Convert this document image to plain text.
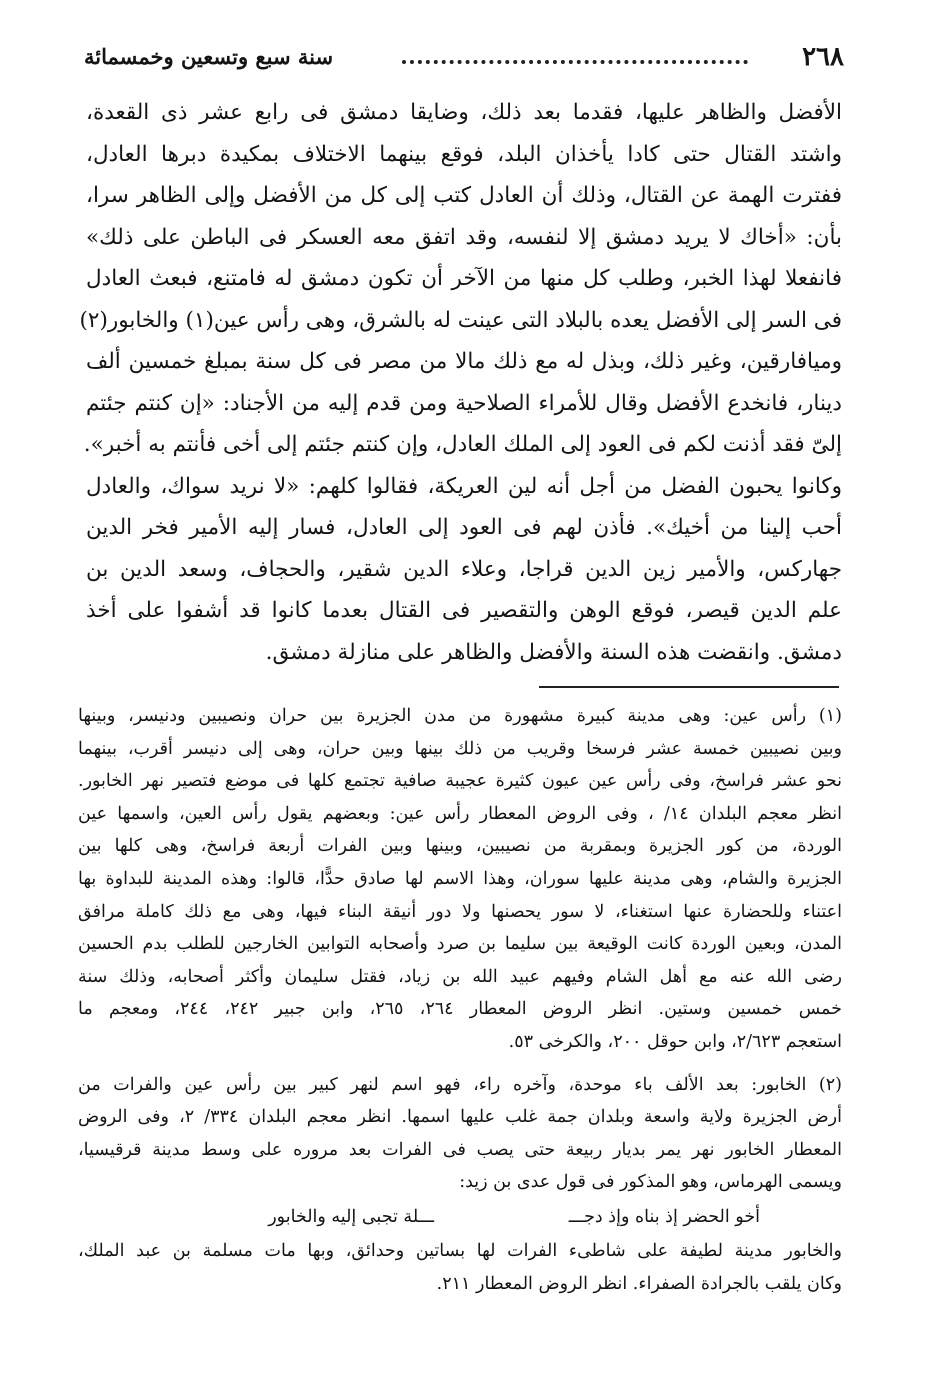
٢٦٨
سنة سبع وتسعين وخمسمائة
الأفضل والظاهر عليها، فقدما بعد ذلك، وضايقا دمشق فى رابع عشر ذى القعدة،
واشتد القتال حتى كادا يأخذان البلد، فوقع بينهما الاختلاف بمكيدة دبرها العادل،
ففترت الهمة عن القتال، وذلك أن العادل كتب إلى كل من الأفضل وإلى الظاهر سرا،
بأن: «أخاك لا يريد دمشق إلا لنفسه، وقد اتفق معه العسكر فى الباطن على ذلك»
فانفعلا لهذا الخبر، وطلب كل منها من الآخر أن تكون دمشق له فامتنع، فبعث العادل
فى السر إلى الأفضل يعده بالبلاد التى عينت له بالشرق، وهى رأس عين(١) والخابور(٢)
وميافارقين، وغير ذلك، وبذل له مع ذلك مالا من مصر فى كل سنة بمبلغ خمسين ألف
دينار، فانخدع الأفضل وقال للأمراء الصلاحية ومن قدم إليه من الأجناد: «إن كنتم جئتم
إلىّ فقد أذنت لكم فى العود إلى الملك العادل، وإن كنتم جئتم إلى أخى فأنتم به أخبر».
وكانوا يحبون الفضل من أجل أنه لين العريكة، فقالوا كلهم: «لا نريد سواك، والعادل
أحب إلينا من أخيك». فأذن لهم فى العود إلى العادل، فسار إليه الأمير فخر الدين
جهاركس، والأمير زين الدين قراجا، وعلاء الدين شقير، والحجاف، وسعد الدين بن
علم الدين قيصر، فوقع الوهن والتقصير فى القتال بعدما كانوا قد أشفوا على أخذ
دمشق. وانقضت هذه السنة والأفضل والظاهر على منازلة دمشق.
(١) رأس عين: وهى مدينة كبيرة مشهورة من مدن الجزيرة بين حران ونصيبين ودنيسر، وبينها
وبين نصيبين خمسة عشر فرسخا وقريب من ذلك بينها وبين حران، وهى إلى دنيسر أقرب، بينهما
نحو عشر فراسخ، وفى رأس عين عيون كثيرة عجيبة صافية تجتمع كلها فى موضع فتصير نهر الخابور.
انظر معجم البلدان ١٤/ ، وفى الروض المعطار رأس عين: وبعضهم يقول رأس العين، واسمها عين
الوردة، من كور الجزيرة وبمقربة من نصيبين، وبينها وبين الفرات أربعة فراسخ، وهى كلها بين
الجزيرة والشام، وهى مدينة عليها سوران، وهذا الاسم لها صادق حدًّا، قالوا: وهذه المدينة للبداوة بها
اعتناء وللحضارة عنها استغناء، لا سور يحصنها ولا دور أنيقة البناء فيها، وهى مع ذلك كاملة مرافق
المدن، وبعين الوردة كانت الوقيعة بين سليما بن صرد وأصحابه التوابين الخارجين للطلب بدم الحسين
رضى الله عنه مع أهل الشام وفيهم عبيد الله بن زياد، فقتل سليمان وأكثر أصحابه، وذلك سنة
خمس خمسين وستين. انظر الروض المعطار ٢٦٤، ٢٦٥، وابن جبير ٢٤٢، ٢٤٤، ومعجم ما
استعجم ٢/٦٢٣، وابن حوقل ٢٠٠، والكرخى ٥٣.
(٢) الخابور: بعد الألف باء موحدة، وآخره راء، فهو اسم لنهر كبير بين رأس عين والفرات من
أرض الجزيرة ولاية واسعة وبلدان جمة غلب عليها اسمها. انظر معجم البلدان ٣٣٤/ ٢، وفى الروض
المعطار الخابور نهر يمر بديار ربيعة حتى يصب فى الفرات بعد مروره على وسط مدينة قرقيسيا،
ويسمى الهرماس، وهو المذكور فى قول عدى بن زيد:
أخو الحضر إذ بناه وإذ دجـــ
ـــلة تجبى إليه والخابور
والخابور مدينة لطيفة على شاطىء الفرات لها بساتين وحدائق، وبها مات مسلمة بن عبد الملك،
وكان يلقب بالجرادة الصفراء. انظر الروض المعطار ٢١١.
